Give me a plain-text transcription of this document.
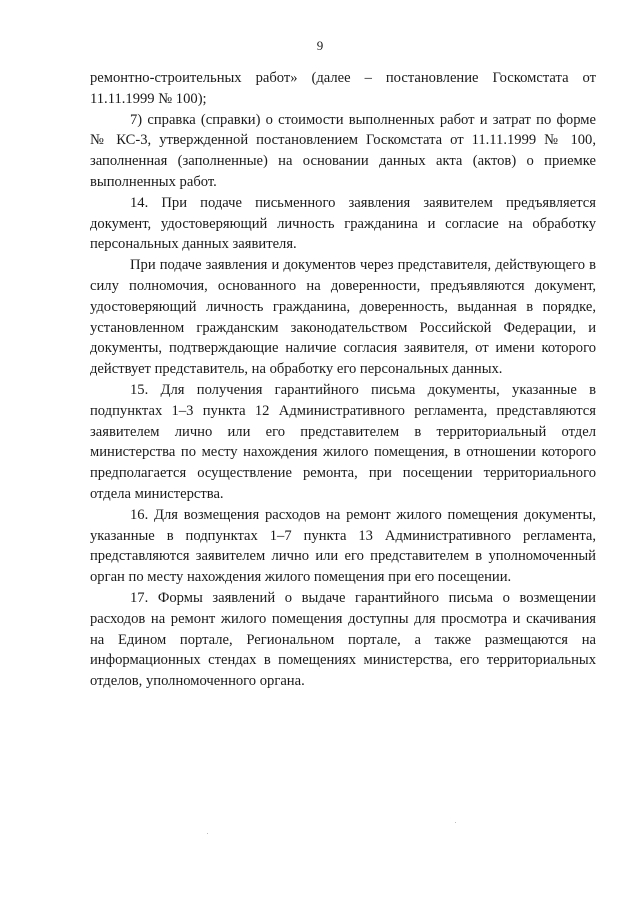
9

ремонтно-строительных работ» (далее – постановление Госкомстата от 11.11.1999 № 100);

7) справка (справки) о стоимости выполненных работ и затрат по форме № КС-3, утвержденной постановлением Госкомстата от 11.11.1999 № 100, заполненная (заполненные) на основании данных акта (актов) о приемке выполненных работ.

14. При подаче письменного заявления заявителем предъявляется документ, удостоверяющий личность гражданина и согласие на обработку персональных данных заявителя.

При подаче заявления и документов через представителя, действующего в силу полномочия, основанного на доверенности, предъявляются документ, удостоверяющий личность гражданина, доверенность, выданная в порядке, установленном гражданским законодательством Российской Федерации, и документы, подтверждающие наличие согласия заявителя, от имени которого действует представитель, на обработку его персональных данных.

15. Для получения гарантийного письма документы, указанные в подпунктах 1–3 пункта 12 Административного регламента, представляются заявителем лично или его представителем в территориальный отдел министерства по месту нахождения жилого помещения, в отношении которого предполагается осуществление ремонта, при посещении территориального отдела министерства.

16. Для возмещения расходов на ремонт жилого помещения документы, указанные в подпунктах 1–7 пункта 13 Административного регламента, представляются заявителем лично или его представителем в уполномоченный орган по месту нахождения жилого помещения при его посещении.

17. Формы заявлений о выдаче гарантийного письма о возмещении расходов на ремонт жилого помещения доступны для просмотра и скачивания на Едином портале, Региональном портале, а также размещаются на информационных стендах в помещениях министерства, его территориальных отделов, уполномоченного органа.
